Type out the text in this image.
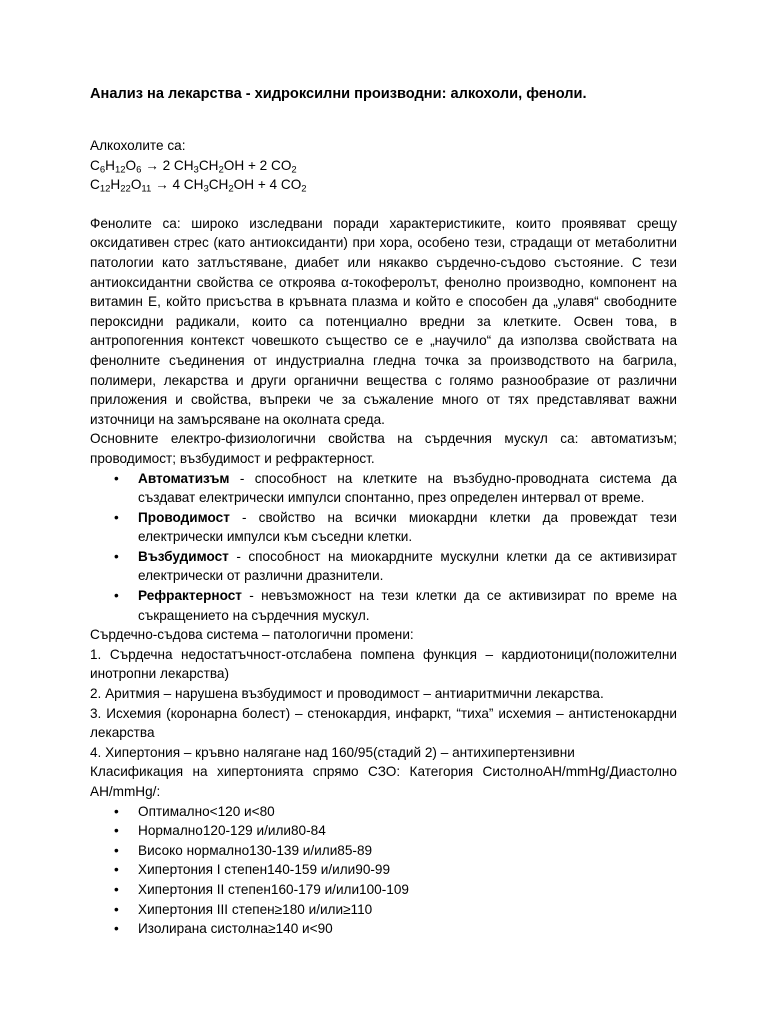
Анализ на лекарства - хидроксилни производни: алкохоли, феноли.

Алкохолите са:

$C_6H_{12}O_6 \to 2$ $CH_3CH_2OH + 2$ $CO_2$

$C_{12}H_{22}O_{11} \to 4$ $CH_3CH_2OH + 4$ $CO_2$

Фенолите са: широко изследвани поради характеристиките, които проявяват срещу оксидативен стрес (като антиоксиданти) при хора, особено тези, страдащи от метаболитни патологии като затлъстяване, диабет или някакво сърдечно-съдово състояние. С тези антиоксидантни свойства се откроява α-токоферолът, фенолно производно, компонент на витамин Е, който присъства в кръвната плазма и който е способен да „улавя“ свободните пероксидни радикали, които са потенциално вредни за клетките. Освен това, в антропогенния контекст човешкото същество се е „научило“ да използва свойствата на фенолните съединения от индустриална гледна точка за производството на багрила, полимери, лекарства и други органични вещества с голямо разнообразие от различни приложения и свойства, въпреки че за съжаление много от тях представляват важни източници на замърсяване на околната среда.

Основните електро-физиологични свойства на сърдечния мускул са: автоматизъм; проводимост; възбудимост и рефрактерност.

• Автоматизъм - способност на клетките на възбудно-проводната система да създават електрически импулси спонтанно, през определен интервал от време.
• Проводимост - свойство на всички миокардни клетки да провеждат тези електрически импулси към съседни клетки.
• Възбудимост - способност на миокардните мускулни клетки да се активизират електрически от различни дразнители.
• Рефрактерност - невъзможност на тези клетки да се активизират по време на съкращението на сърдечния мускул.

Сърдечно-съдова система – патологични промени:

1. Сърдечна недостатъчност-отслабена помпена функция – кардиотоници(положителни инотропни лекарства)

2. Аритмия – нарушена възбудимост и проводимост – антиаритмични лекарства.

3. Исхемия (коронарна болест) – стенокардия, инфаркт, “тиха” исхемия – антистенокардни лекарства

4. Хипертония – кръвно налягане над 160/95(стадий 2) – антихипертензивни

Класификация на хипертонията спрямо СЗО: Категория СистолноАН/mmHg/Диастолно АН/mmHg/:

• Оптимално<120 и<80
• Нормално120-129 и/или80-84
• Високо нормално130-139 и/или85-89
• Хипертония I степен140-159 и/или90-99
• Хипертония II степен160-179 и/или100-109
• Хипертония III степен≥180 и/или≥110
• Изолирана систолна≥140 и<90
